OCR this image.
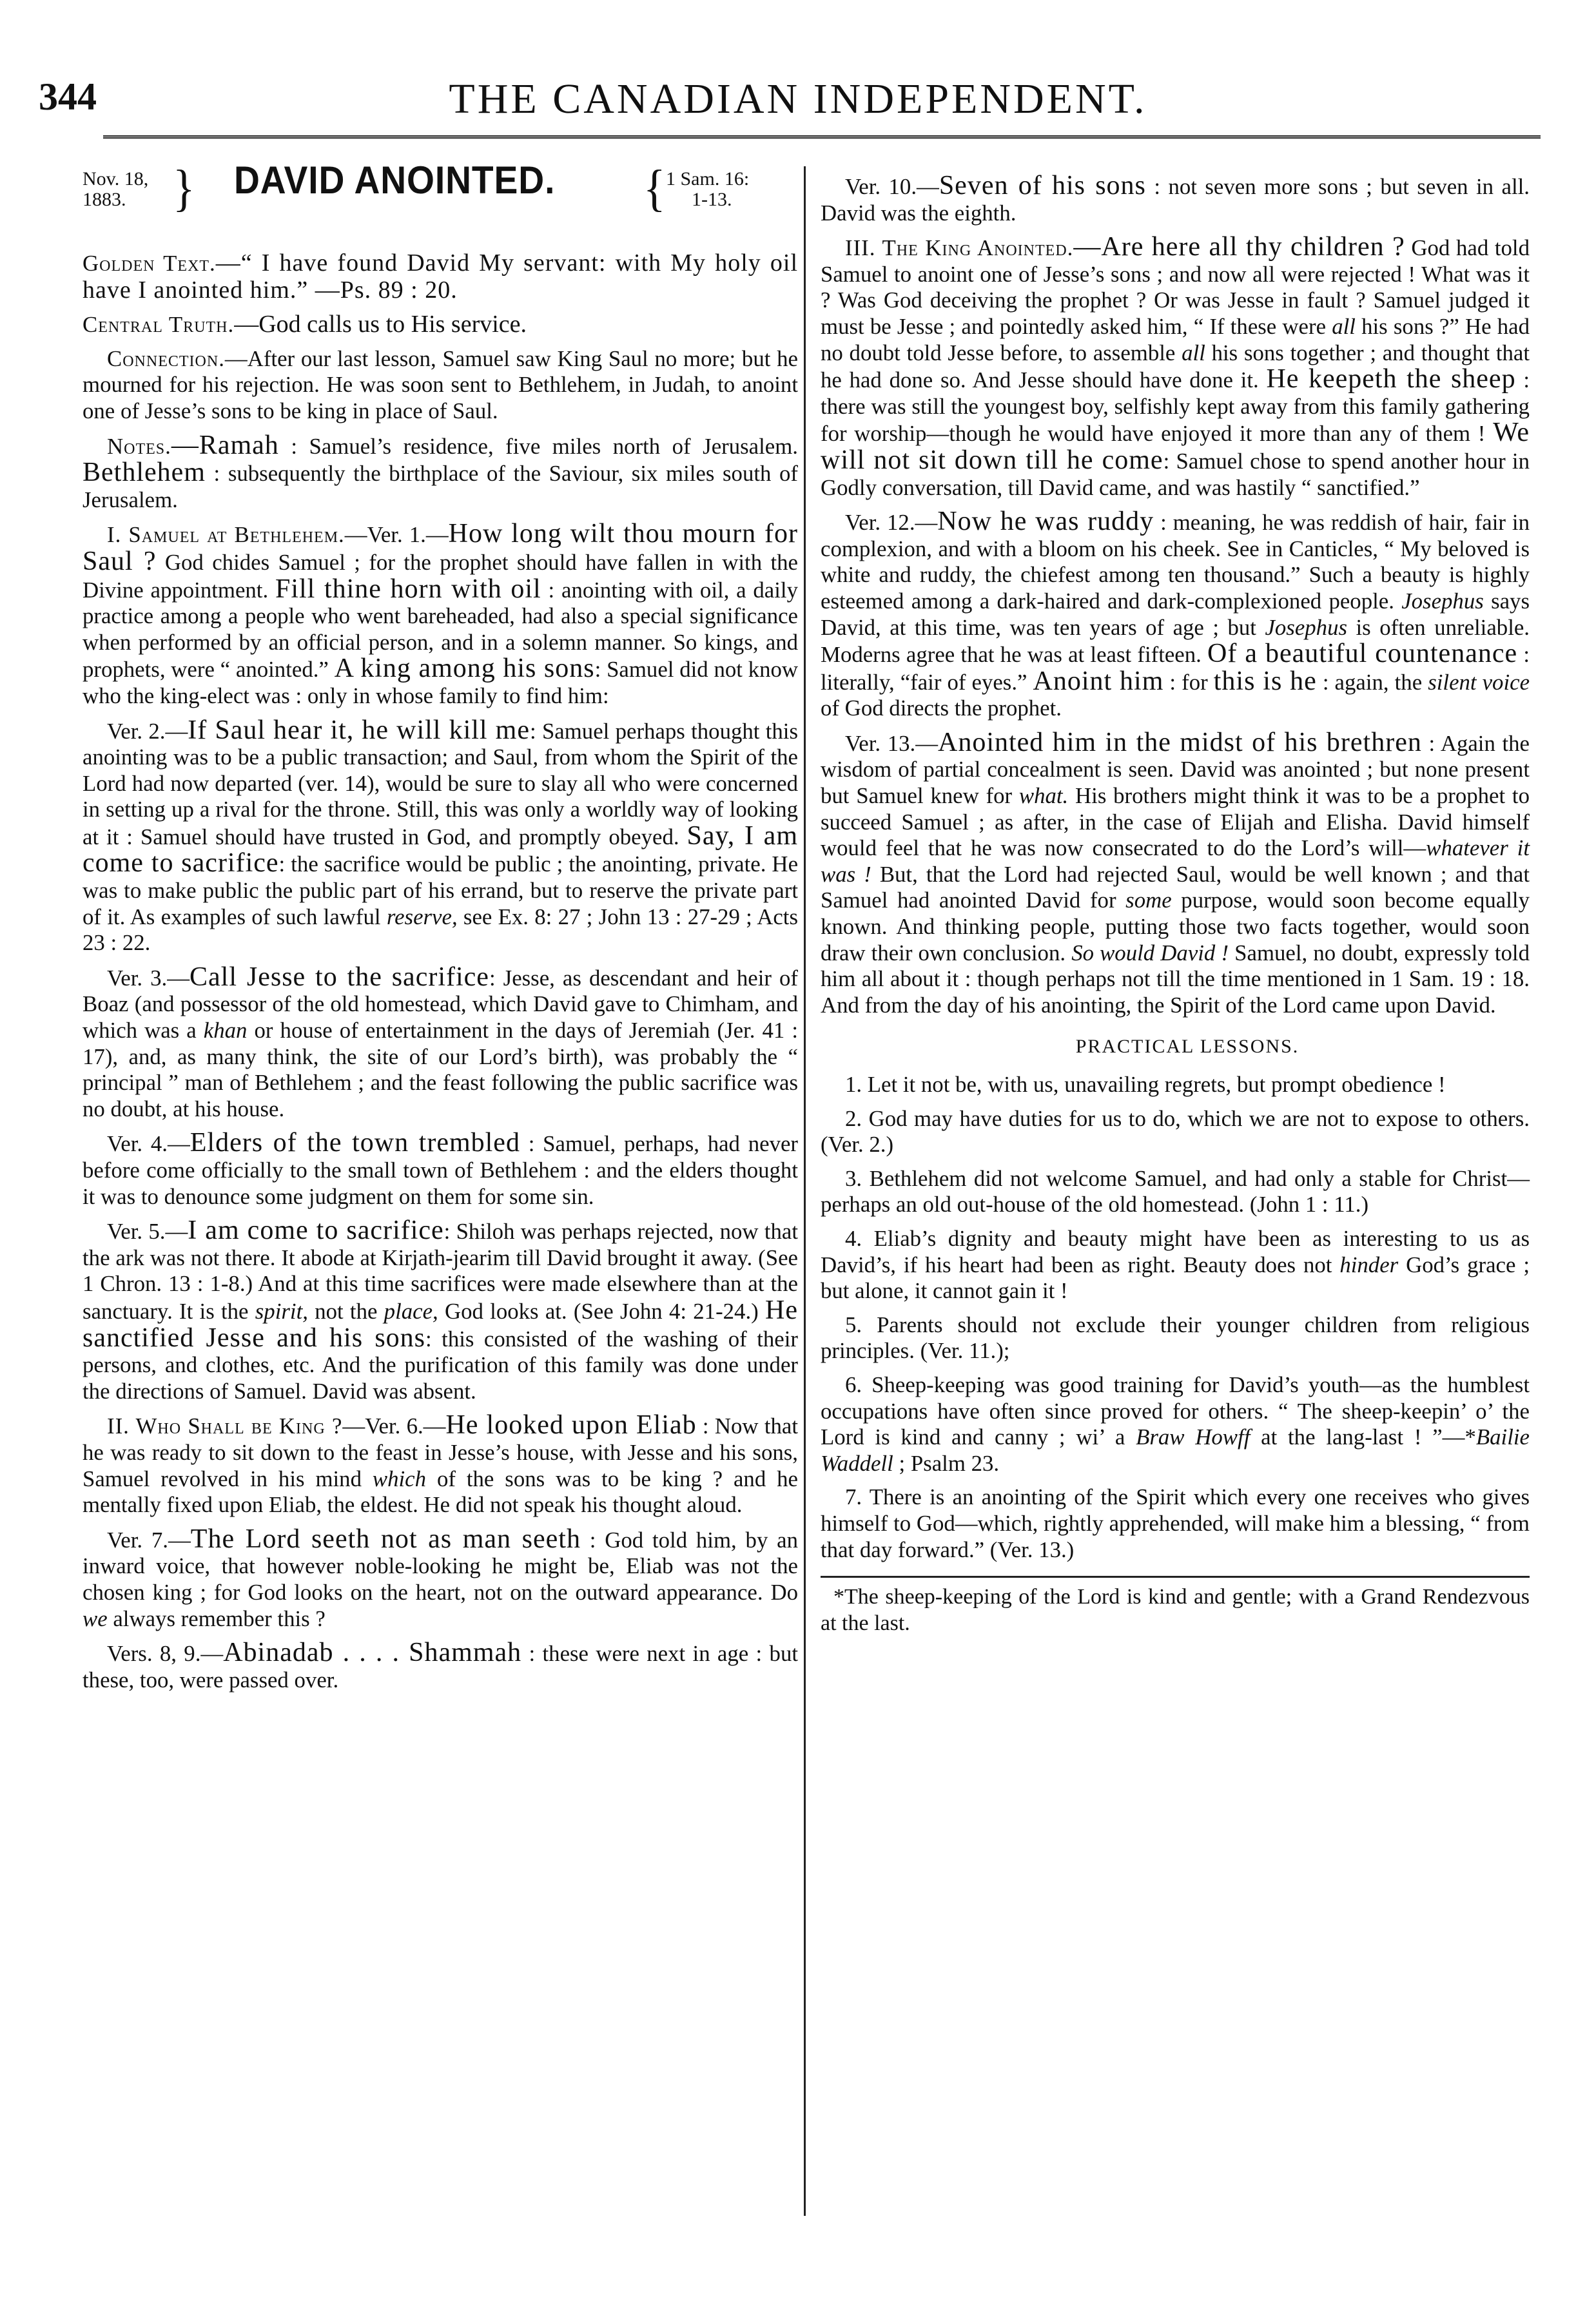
344	THE CANADIAN INDEPENDENT.
Nov. 18,
1883.	} DAVID ANOINTED. { 1 Sam. 16:
1-13.

Golden Text.—“ I have found David My servant: with My holy oil have I anointed him.” —Ps. 89 : 20.

Central Truth.—God calls us to His service.

Connection.—After our last lesson, Samuel saw King Saul no more; but he mourned for his rejection. He was soon sent to Bethlehem, in Judah, to anoint one of Jesse’s sons to be king in place of Saul.

Notes.—Ramah : Samuel’s residence, five miles north of Jerusalem. Bethlehem : subsequently the birthplace of the Saviour, six miles south of Jerusalem.

I. Samuel at Bethlehem.—Ver. 1.—How long wilt thou mourn for Saul ? God chides Samuel ; for the prophet should have fallen in with the Divine appointment. Fill thine horn with oil : anointing with oil, a daily practice among a people who went bareheaded, had also a special significance when performed by an official person, and in a solemn manner. So kings, and prophets, were “ anointed.” A king among his sons: Samuel did not know who the king-elect was : only in whose family to find him:

Ver. 2.—If Saul hear it, he will kill me: Samuel perhaps thought this anointing was to be a public transaction; and Saul, from whom the Spirit of the Lord had now departed (ver. 14), would be sure to slay all who were concerned in setting up a rival for the throne. Still, this was only a worldly way of looking at it : Samuel should have trusted in God, and promptly obeyed. Say, I am come to sacrifice: the sacrifice would be public ; the anointing, private. He was to make public the public part of his errand, but to reserve the private part of it. As examples of such lawful reserve, see Ex. 8: 27 ; John 13 : 27-29 ; Acts 23 : 22.

Ver. 3.—Call Jesse to the sacrifice: Jesse, as descendant and heir of Boaz (and possessor of the old homestead, which David gave to Chimham, and which was a khan or house of entertainment in the days of Jeremiah (Jer. 41 : 17), and, as many think, the site of our Lord’s birth), was probably the “ principal ” man of Bethlehem ; and the feast following the public sacrifice was no doubt, at his house.

Ver. 4.—Elders of the town trembled : Samuel, perhaps, had never before come officially to the small town of Bethlehem : and the elders thought it was to denounce some judgment on them for some sin.

Ver. 5.—I am come to sacrifice: Shiloh was perhaps rejected, now that the ark was not there. It abode at Kirjath-jearim till David brought it away. (See 1 Chron. 13 : 1-8.) And at this time sacrifices were made elsewhere than at the sanctuary. It is the spirit, not the place, God looks at. (See John 4: 21-24.) He sanctified Jesse and his sons: this consisted of the washing of their persons, and clothes, etc. And the purification of this family was done under the directions of Samuel. David was absent.

II. Who Shall be King ?—Ver. 6.—He looked upon Eliab : Now that he was ready to sit down to the feast in Jesse’s house, with Jesse and his sons, Samuel revolved in his mind which of the sons was to be king ? and he mentally fixed upon Eliab, the eldest. He did not speak his thought aloud.

Ver. 7.—The Lord seeth not as man seeth : God told him, by an inward voice, that however noble-looking he might be, Eliab was not the chosen king ; for God looks on the heart, not on the outward appearance. Do we always remember this ?

Vers. 8, 9.—Abinadab . . . . Shammah : these were next in age : but these, too, were passed over.

Ver. 10.—Seven of his sons : not seven more sons ; but seven in all. David was the eighth.

III. The King Anointed.—Are here all thy children ? God had told Samuel to anoint one of Jesse’s sons ; and now all were rejected ! What was it ? Was God deceiving the prophet ? Or was Jesse in fault ? Samuel judged it must be Jesse ; and pointedly asked him, “ If these were all his sons ?” He had no doubt told Jesse before, to assemble all his sons together ; and thought that he had done so. And Jesse should have done it. He keepeth the sheep : there was still the youngest boy, selfishly kept away from this family gathering for worship—though he would have enjoyed it more than any of them ! We will not sit down till he come: Samuel chose to spend another hour in Godly conversation, till David came, and was hastily “ sanctified.”

Ver. 12.—Now he was ruddy : meaning, he was reddish of hair, fair in complexion, and with a bloom on his cheek. See in Canticles, “ My beloved is white and ruddy, the chiefest among ten thousand.” Such a beauty is highly esteemed among a dark-haired and dark-complexioned people. Josephus says David, at this time, was ten years of age ; but Josephus is often unreliable. Moderns agree that he was at least fifteen. Of a beautiful countenance : literally, “fair of eyes.” Anoint him : for this is he : again, the silent voice of God directs the prophet.

Ver. 13.—Anointed him in the midst of his brethren : Again the wisdom of partial concealment is seen. David was anointed ; but none present but Samuel knew for what. His brothers might think it was to be a prophet to succeed Samuel ; as after, in the case of Elijah and Elisha. David himself would feel that he was now consecrated to do the Lord’s will—whatever it was ! But, that the Lord had rejected Saul, would be well known ; and that Samuel had anointed David for some purpose, would soon become equally known. And thinking people, putting those two facts together, would soon draw their own conclusion. So would David ! Samuel, no doubt, expressly told him all about it : though perhaps not till the time mentioned in 1 Sam. 19 : 18. And from the day of his anointing, the Spirit of the Lord came upon David.

PRACTICAL LESSONS.

1. Let it not be, with us, unavailing regrets, but prompt obedience !

2. God may have duties for us to do, which we are not to expose to others. (Ver. 2.)

3. Bethlehem did not welcome Samuel, and had only a stable for Christ—perhaps an old out-house of the old homestead. (John 1 : 11.)

4. Eliab’s dignity and beauty might have been as interesting to us as David’s, if his heart had been as right. Beauty does not hinder God’s grace ; but alone, it cannot gain it !

5. Parents should not exclude their younger children from religious principles. (Ver. 11.);

6. Sheep-keeping was good training for David’s youth—as the humblest occupations have often since proved for others. “ The sheep-keepin’ o’ the Lord is kind and canny ; wi’ a Braw Howff at the lang-last ! ”—*Bailie Waddell ; Psalm 23.

7. There is an anointing of the Spirit which every one receives who gives himself to God—which, rightly apprehended, will make him a blessing, “ from that day forward.” (Ver. 13.)

*The sheep-keeping of the Lord is kind and gentle; with a Grand Rendezvous at the last.
